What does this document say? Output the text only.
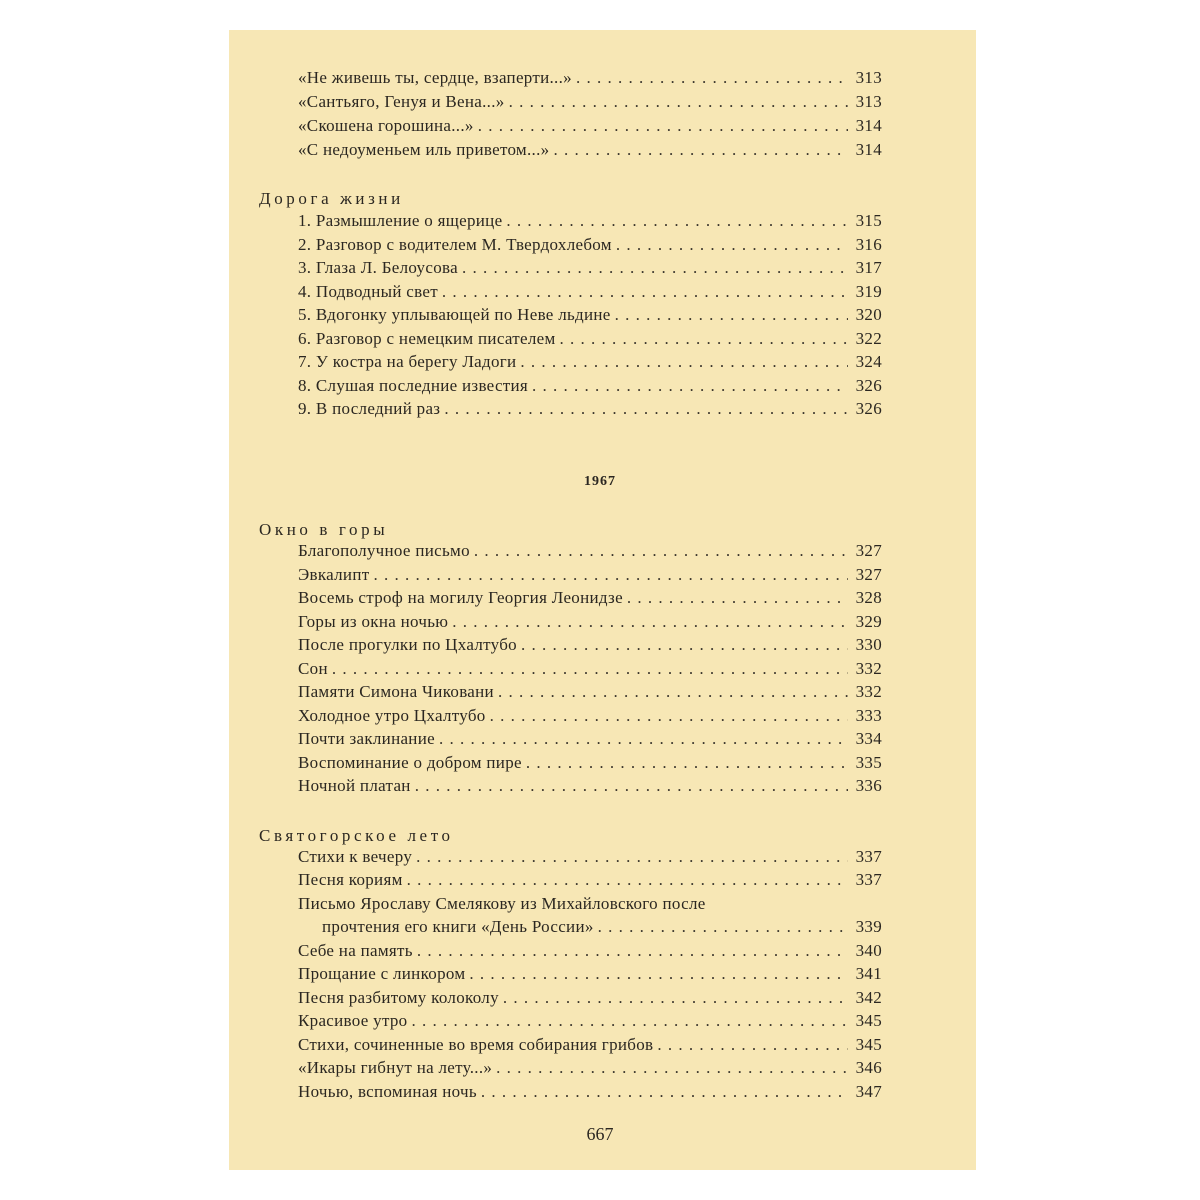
«Не живешь ты, сердце, взаперти...» . . .	313
«Сантьяго, Генуя и Вена...» . . .	313
«Скошена горошина...» . . .	314
«С недоуменьем иль приветом...» . . .	314
Дорога жизни
1. Размышление о ящерице . . .	315
2. Разговор с водителем М. Твердохлебом . . .	316
3. Глаза Л. Белоусова . . .	317
4. Подводный свет . . .	319
5. Вдогонку уплывающей по Неве льдине . . .	320
6. Разговор с немецким писателем . . .	322
7. У костра на берегу Ладоги . . .	324
8. Слушая последние известия . . .	326
9. В последний раз . . .	326
1967
Окно в горы
Благополучное письмо . . .	327
Эвкалипт . . .	327
Восемь строф на могилу Георгия Леонидзе . . .	328
Горы из окна ночью . . .	329
После прогулки по Цхалтубо . . .	330
Сон . . .	332
Памяти Симона Чиковани . . .	332
Холодное утро Цхалтубо . . .	333
Почти заклинание . . .	334
Воспоминание о добром пире . . .	335
Ночной платан . . .	336
Святогорское лето
Стихи к вечеру . . .	337
Песня кориям . . .	337
Письмо Ярославу Смелякову из Михайловского после
прочтения его книги «День России» . . .	339
Себе на память . . .	340
Прощание с линкором . . .	341
Песня разбитому колоколу . . .	342
Красивое утро . . .	345
Стихи, сочиненные во время собирания грибов . . .	345
«Икары гибнут на лету...» . . .	346
Ночью, вспоминая ночь . . .	347
667
